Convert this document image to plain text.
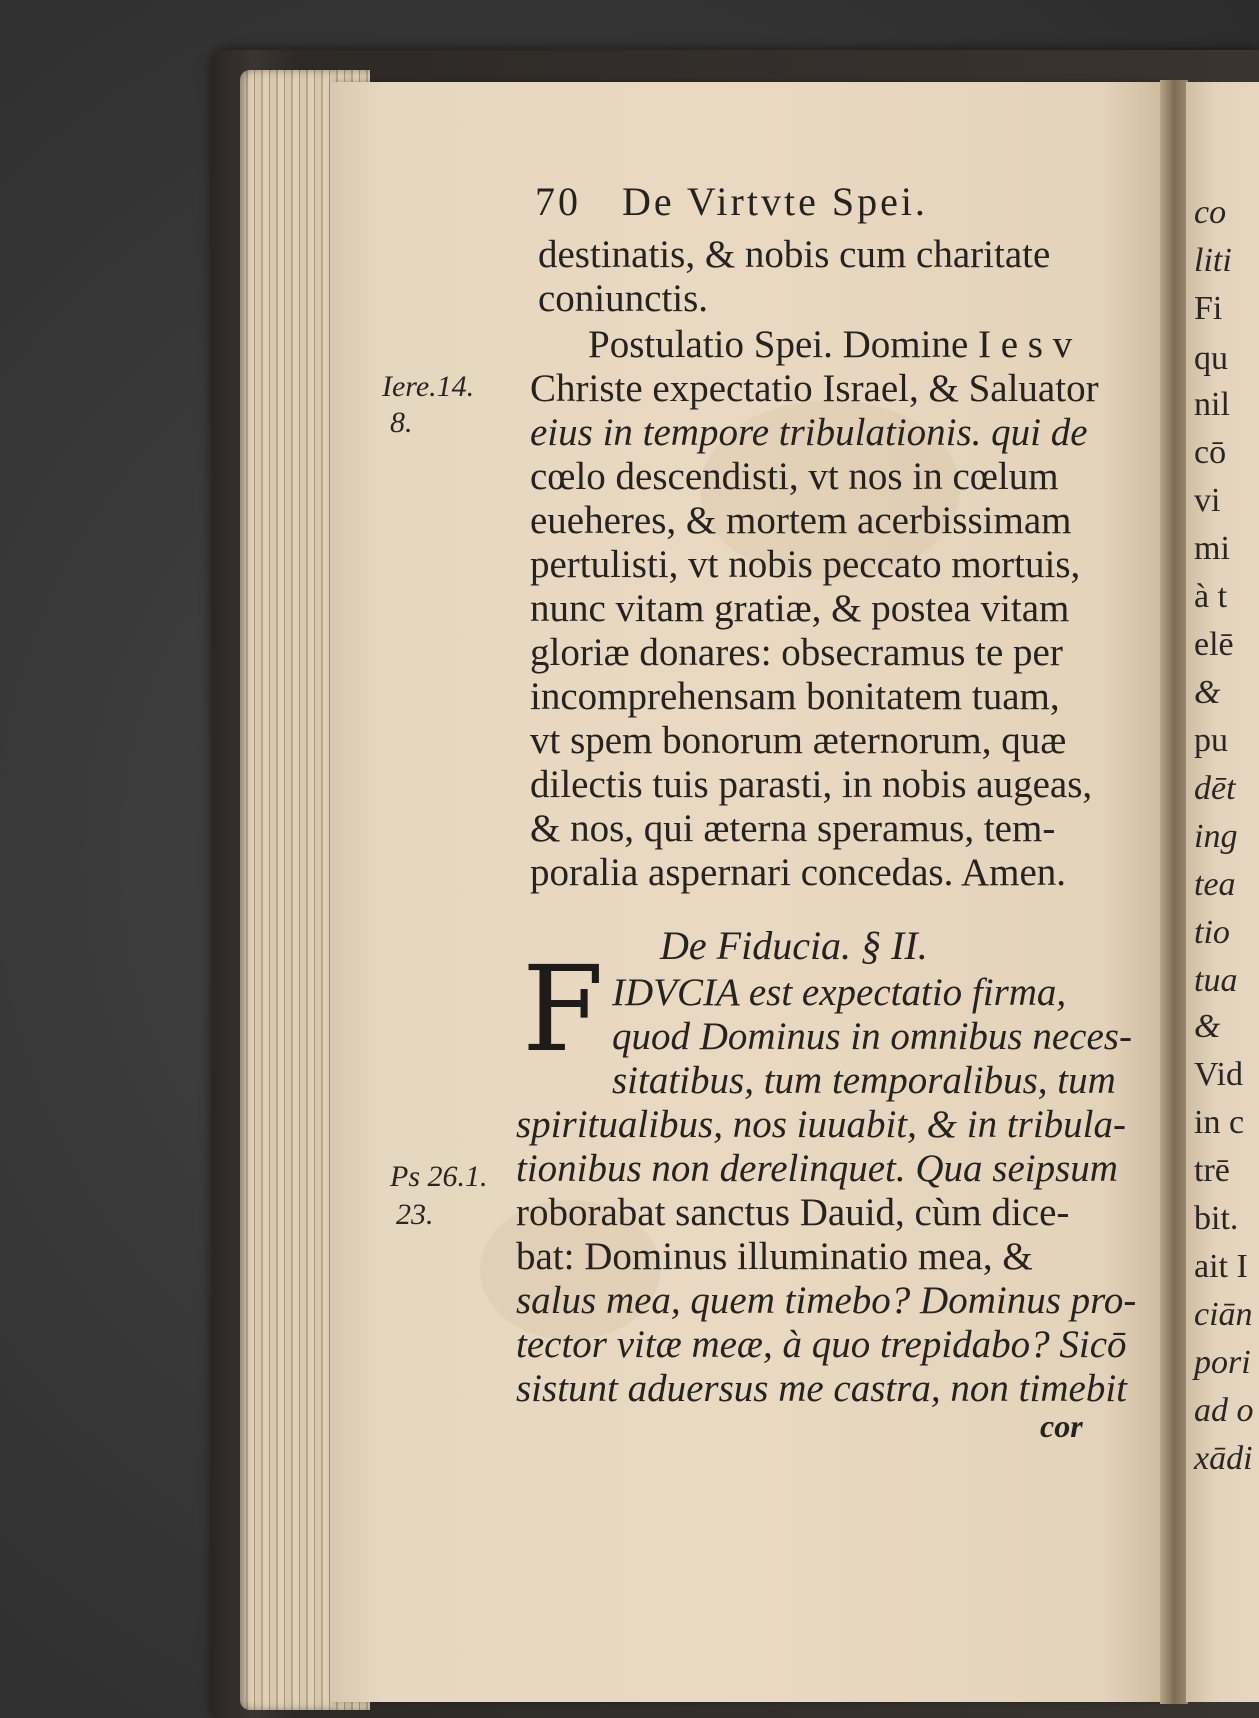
co
liti
Fi
qu
nil
cō
vi
mi
à t
elē
&
pu
dēt
ing
tea
tio
tua
&
Vid
in c
trē
bit.
ait I
ciān
pori
ad o
xādi
70 De Virtvte Spei.
destinatis, & nobis cum charitate
coniunctis.
Postulatio Spei. Domine I e s v
Christe expectatio Israel, & Saluator
eius in tempore tribulationis. qui de
cœlo descendisti, vt nos in cœlum
eueheres, & mortem acerbissimam
pertulisti, vt nobis peccato mortuis,
nunc vitam gratiæ, & postea vitam
gloriæ donares: obsecramus te per
incomprehensam bonitatem tuam,
vt spem bonorum æternorum, quæ
dilectis tuis parasti, in nobis augeas,
& nos, qui æterna speramus, tem-
poralia aspernari concedas. Amen.
Iere.14.
8.
Ps 26.1.
23.
De Fiducia. § II.
F IDVCIA est expectatio firma,
quod Dominus in omnibus neces-
sitatibus, tum temporalibus, tum
spiritualibus, nos iuuabit, & in tribula-
tionibus non derelinquet. Qua seipsum
roborabat sanctus Dauid, cùm dice-
bat: Dominus illuminatio mea, &
salus mea, quem timebo? Dominus pro-
tector vitæ meæ, à quo trepidabo? Sicō
sistunt aduersus me castra, non timebit
cor
